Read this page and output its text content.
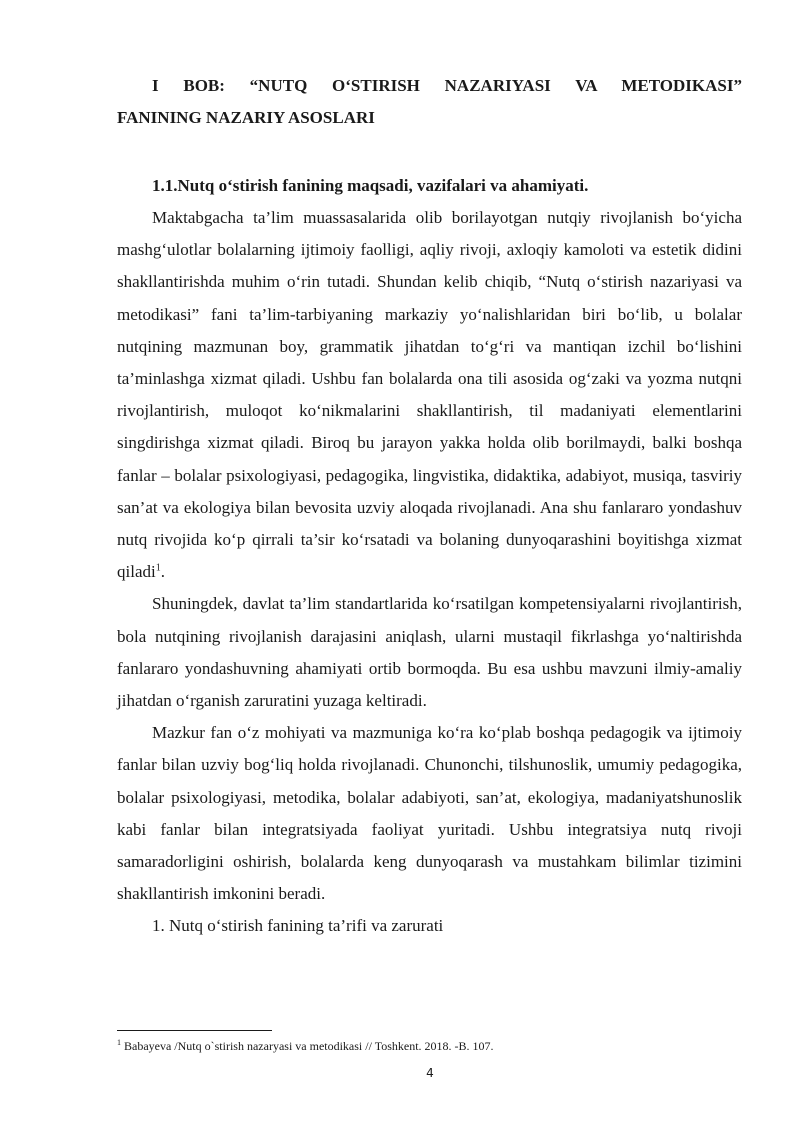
I BOB: “NUTQ O‘STIRISH NAZARIYASI VA METODIKASI”
FANINING NAZARIY ASOSLARI
1.1.Nutq o‘stirish fanining maqsadi, vazifalari va ahamiyati.

Maktabgacha ta’lim muassasalarida olib borilayotgan nutqiy rivojlanish bo‘yicha mashg‘ulotlar bolalarning ijtimoiy faolligi, aqliy rivoji, axloqiy kamoloti va estetik didini shakllantirishda muhim o‘rin tutadi. Shundan kelib chiqib, “Nutq o‘stirish nazariyasi va metodikasi” fani ta’lim-tarbiyaning markaziy yo‘nalishlaridan biri bo‘lib, u bolalar nutqining mazmunan boy, grammatik jihatdan to‘g‘ri va mantiqan izchil bo‘lishini ta’minlashga xizmat qiladi. Ushbu fan bolalarda ona tili asosida og‘zaki va yozma nutqni rivojlantirish, muloqot ko‘nikmalarini shakllantirish, til madaniyati elementlarini singdirishga xizmat qiladi. Biroq bu jarayon yakka holda olib borilmaydi, balki boshqa fanlar – bolalar psixologiyasi, pedagogika, lingvistika, didaktika, adabiyot, musiqa, tasviriy san’at va ekologiya bilan bevosita uzviy aloqada rivojlanadi. Ana shu fanlararo yondashuv nutq rivojida ko‘p qirrali ta’sir ko‘rsatadi va bolaning dunyoqarashini boyitishga xizmat qiladi$^1$.

Shuningdek, davlat ta’lim standartlarida ko‘rsatilgan kompetensiyalarni rivojlantirish, bola nutqining rivojlanish darajasini aniqlash, ularni mustaqil fikrlashga yo‘naltirishda fanlararo yondashuvning ahamiyati ortib bormoqda. Bu esa ushbu mavzuni ilmiy-amaliy jihatdan o‘rganish zaruratini yuzaga keltiradi.

Mazkur fan o‘z mohiyati va mazmuniga ko‘ra ko‘plab boshqa pedagogik va ijtimoiy fanlar bilan uzviy bog‘liq holda rivojlanadi. Chunonchi, tilshunoslik, umumiy pedagogika, bolalar psixologiyasi, metodika, bolalar adabiyoti, san’at, ekologiya, madaniyatshunoslik kabi fanlar bilan integratsiyada faoliyat yuritadi. Ushbu integratsiya nutq rivoji samaradorligini oshirish, bolalarda keng dunyoqarash va mustahkam bilimlar tizimini shakllantirish imkonini beradi.

1. Nutq o‘stirish fanining ta’rifi va zarurati

$^1$ Babayeva /Nutq o`stirish nazaryasi va metodikasi // Toshkent. 2018. -B. 107.
4
